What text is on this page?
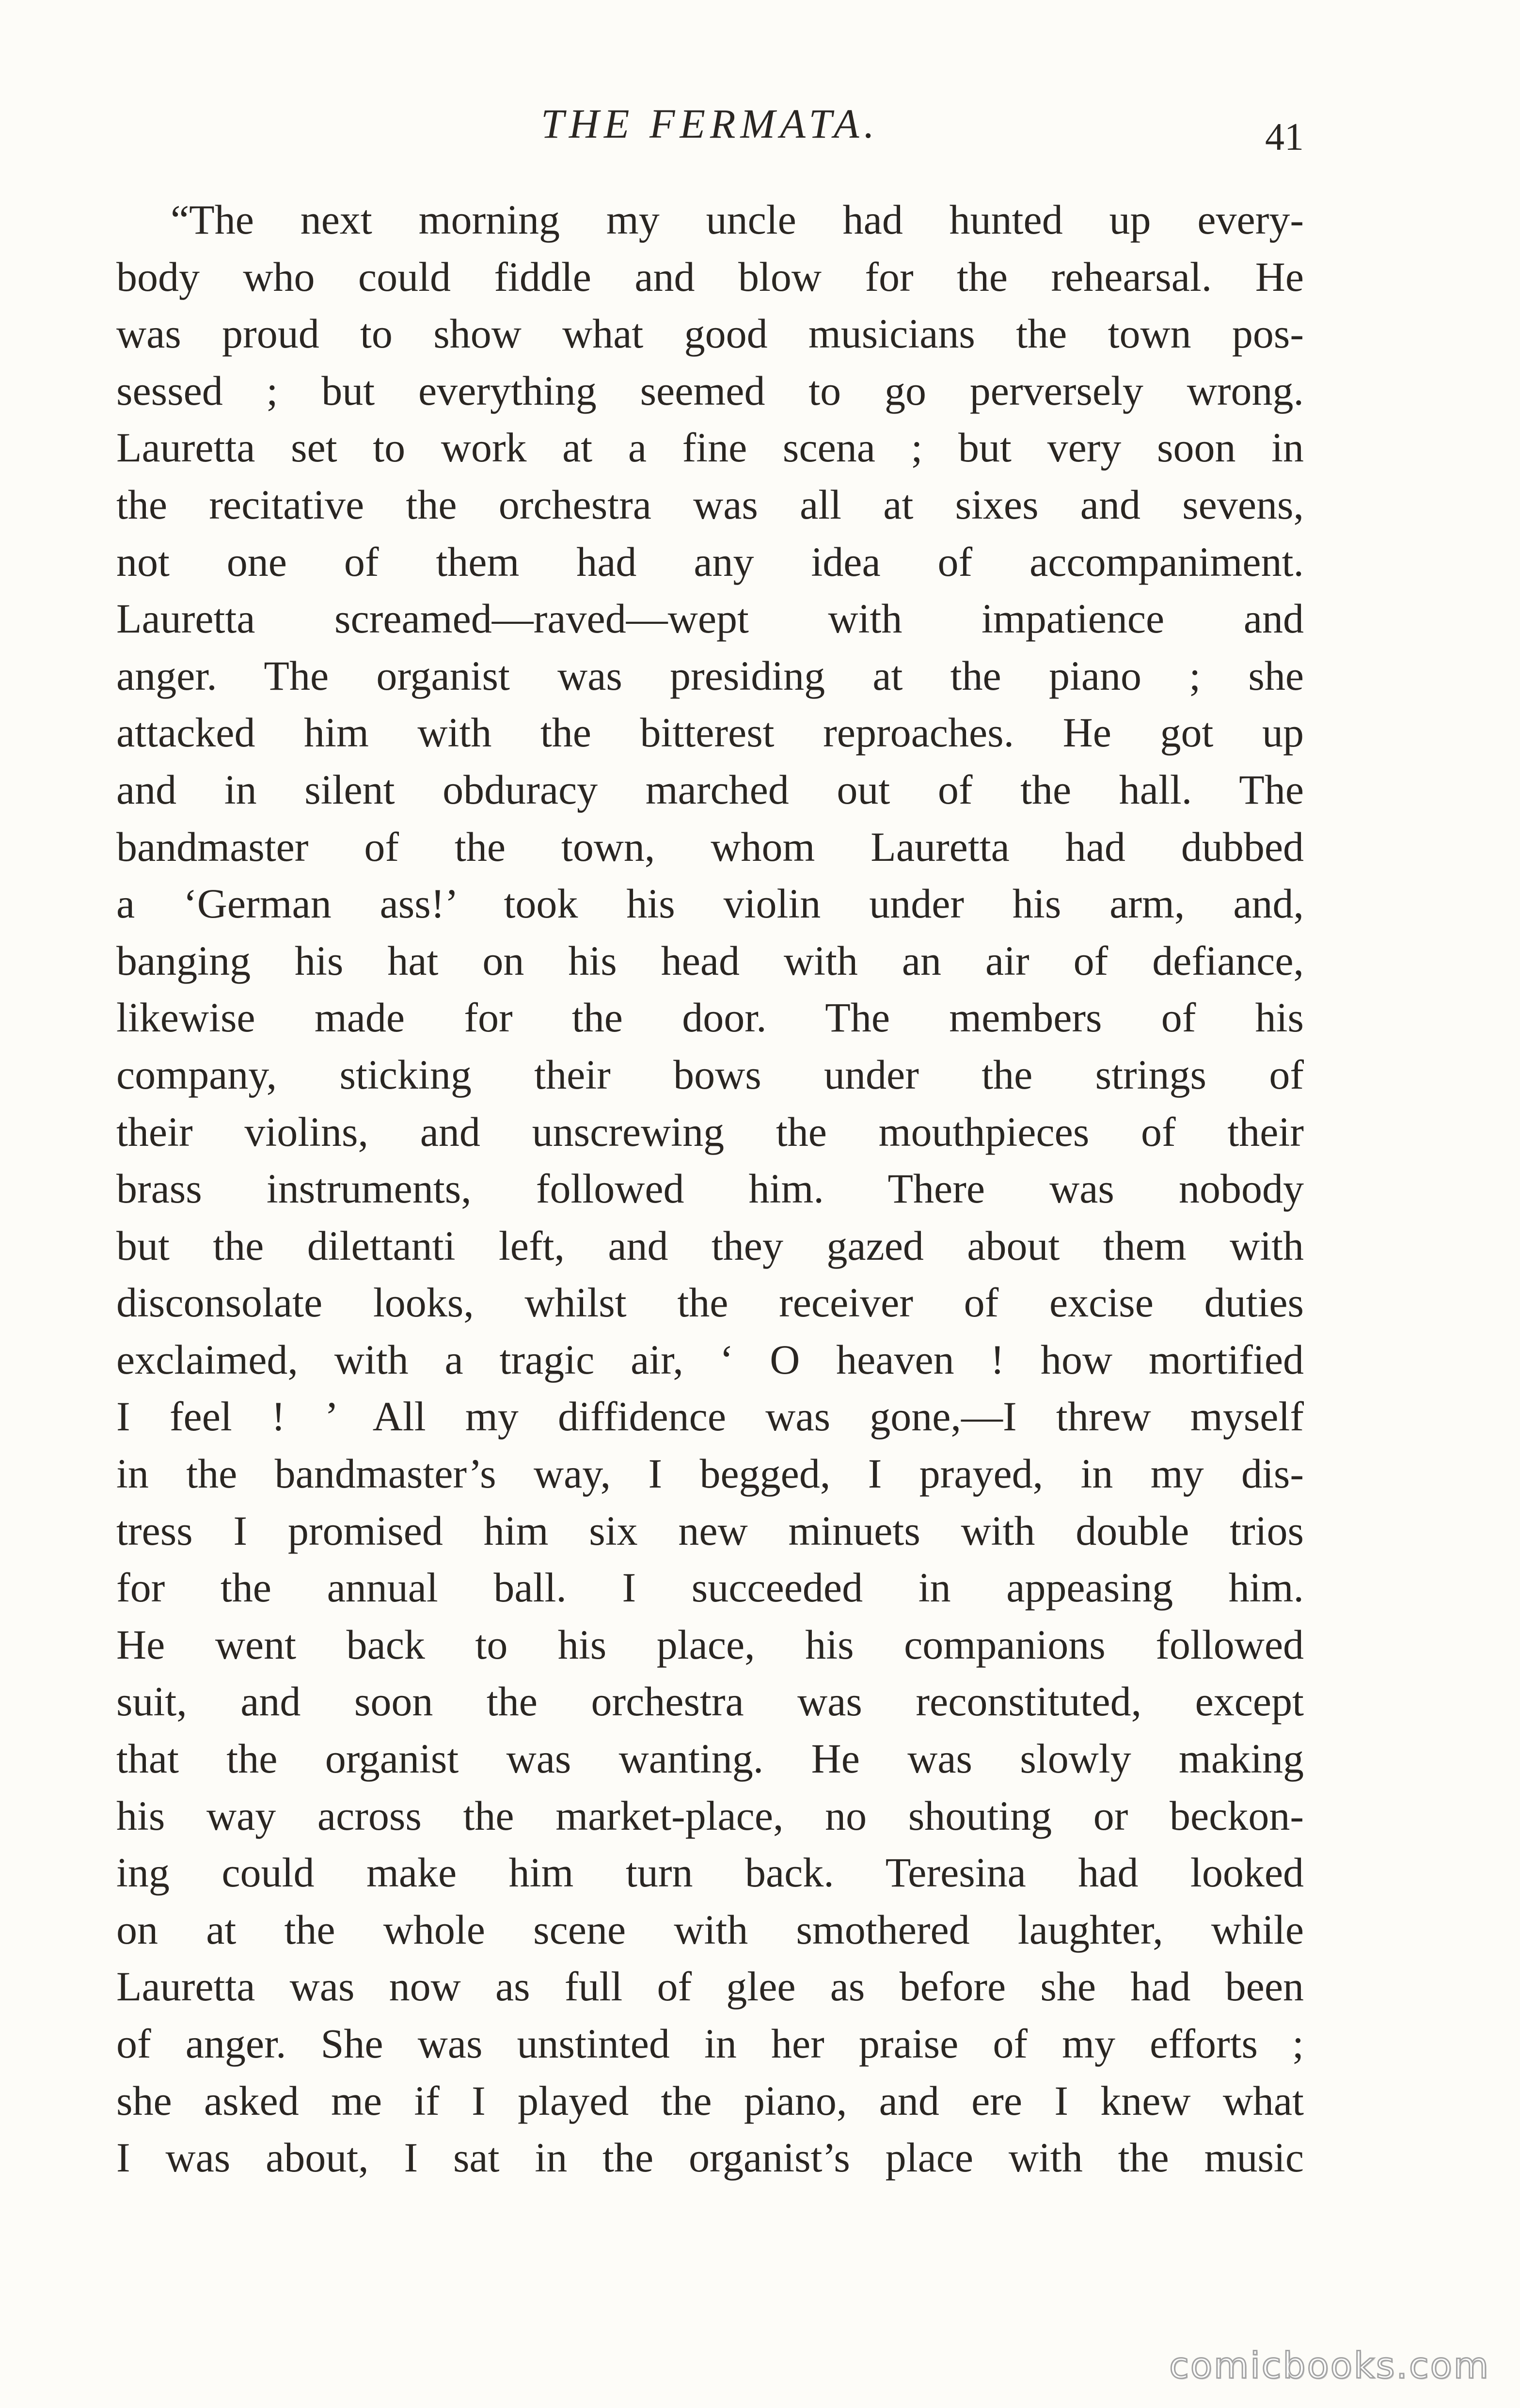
THE FERMATA.	41
“The next morning my uncle had hunted up every-
body who could fiddle and blow for the rehearsal. He
was proud to show what good musicians the town pos-
sessed ; but everything seemed to go perversely wrong.
Lauretta set to work at a fine scena ; but very soon in
the recitative the orchestra was all at sixes and sevens,
not one of them had any idea of accompaniment.
Lauretta screamed—raved—wept with impatience and
anger. The organist was presiding at the piano ; she
attacked him with the bitterest reproaches. He got up
and in silent obduracy marched out of the hall. The
bandmaster of the town, whom Lauretta had dubbed
a ‘German ass!’ took his violin under his arm, and,
banging his hat on his head with an air of defiance,
likewise made for the door. The members of his
company, sticking their bows under the strings of
their violins, and unscrewing the mouthpieces of their
brass instruments, followed him. There was nobody
but the dilettanti left, and they gazed about them with
disconsolate looks, whilst the receiver of excise duties
exclaimed, with a tragic air, ‘ O heaven ! how mortified
I feel ! ’ All my diffidence was gone,—I threw myself
in the bandmaster’s way, I begged, I prayed, in my dis-
tress I promised him six new minuets with double trios
for the annual ball. I succeeded in appeasing him.
He went back to his place, his companions followed
suit, and soon the orchestra was reconstituted, except
that the organist was wanting. He was slowly making
his way across the market-place, no shouting or beckon-
ing could make him turn back. Teresina had looked
on at the whole scene with smothered laughter, while
Lauretta was now as full of glee as before she had been
of anger. She was unstinted in her praise of my efforts ;
she asked me if I played the piano, and ere I knew what
I was about, I sat in the organist’s place with the music
comicbooks.com
